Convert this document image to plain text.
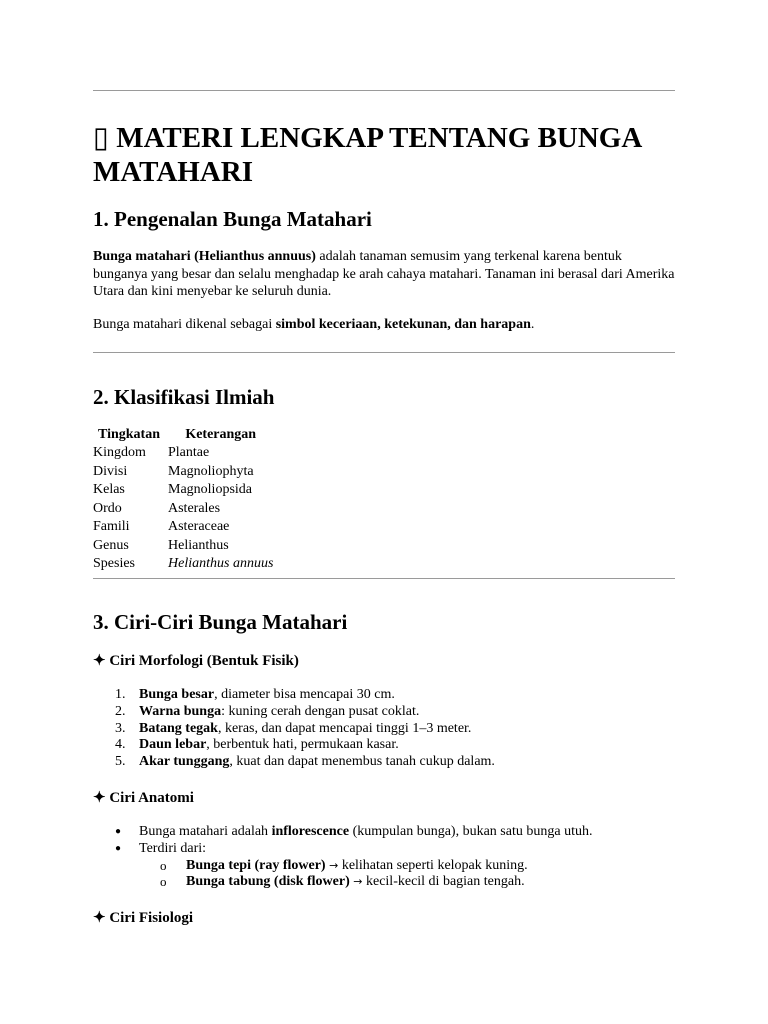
▯ MATERI LENGKAP TENTANG BUNGA MATAHARI
1. Pengenalan Bunga Matahari

Bunga matahari (Helianthus annuus) adalah tanaman semusim yang terkenal karena bentuk bunganya yang besar dan selalu menghadap ke arah cahaya matahari. Tanaman ini berasal dari Amerika Utara dan kini menyebar ke seluruh dunia.

Bunga matahari dikenal sebagai simbol keceriaan, ketekunan, dan harapan.

2. Klasifikasi Ilmiah
Tingkatan	Keterangan
Kingdom	Plantae
Divisi	Magnoliophyta
Kelas	Magnoliopsida
Ordo	Asterales
Famili	Asteraceae
Genus	Helianthus
Spesies	Helianthus annuus
3. Ciri-Ciri Bunga Matahari
✦ Ciri Morfologi (Bentuk Fisik)
1. Bunga besar, diameter bisa mencapai 30 cm.
2. Warna bunga: kuning cerah dengan pusat coklat.
3. Batang tegak, keras, dan dapat mencapai tinggi 1–3 meter.
4. Daun lebar, berbentuk hati, permukaan kasar.
5. Akar tunggang, kuat dan dapat menembus tanah cukup dalam.
✦ Ciri Anatomi
● Bunga matahari adalah inflorescence (kumpulan bunga), bukan satu bunga utuh.
● Terdiri dari:
o Bunga tepi (ray flower) → kelihatan seperti kelopak kuning.
o Bunga tabung (disk flower) → kecil-kecil di bagian tengah.
✦ Ciri Fisiologi
